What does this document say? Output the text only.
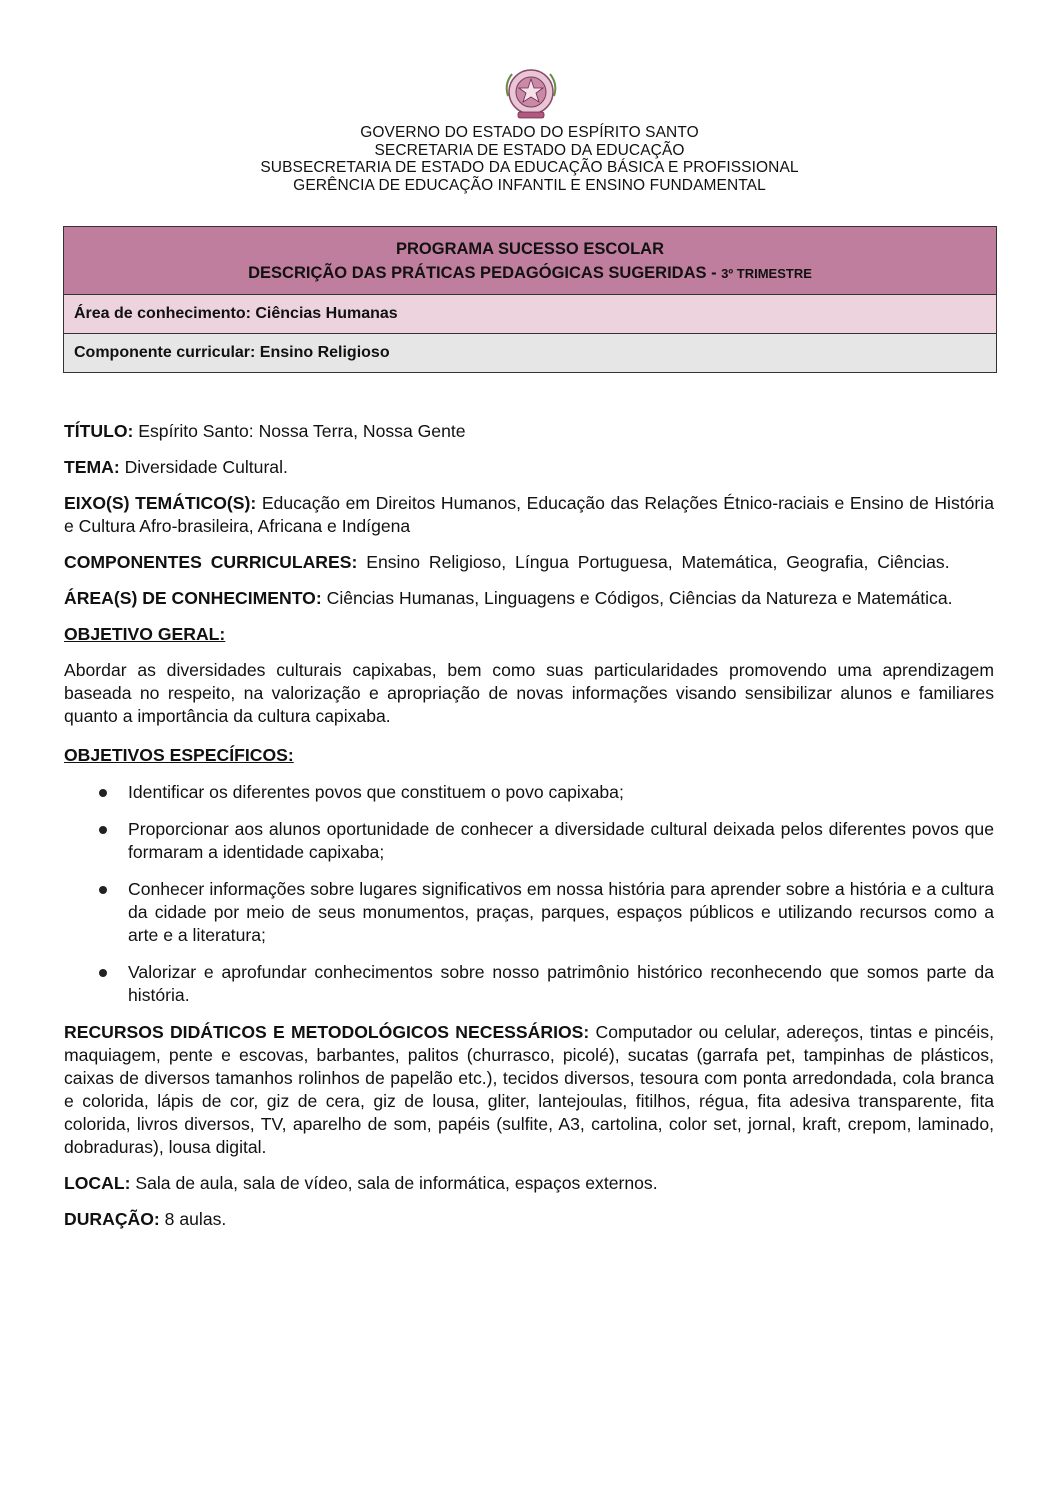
GOVERNO DO ESTADO DO ESPÍRITO SANTO
SECRETARIA DE ESTADO DA EDUCAÇÃO
SUBSECRETARIA DE ESTADO DA EDUCAÇÃO BÁSICA E PROFISSIONAL
GERÊNCIA DE EDUCAÇÃO INFANTIL E ENSINO FUNDAMENTAL
PROGRAMA SUCESSO ESCOLAR
DESCRIÇÃO DAS PRÁTICAS PEDAGÓGICAS SUGERIDAS - 3º TRIMESTRE
Área de conhecimento: Ciências Humanas
Componente curricular: Ensino Religioso

TÍTULO: Espírito Santo: Nossa Terra, Nossa Gente

TEMA: Diversidade Cultural.

EIXO(S) TEMÁTICO(S): Educação em Direitos Humanos, Educação das Relações Étnico-raciais e Ensino de História e Cultura Afro-brasileira, Africana e Indígena

COMPONENTES CURRICULARES: Ensino Religioso, Língua Portuguesa, Matemática, Geografia, Ciências.

ÁREA(S) DE CONHECIMENTO: Ciências Humanas, Linguagens e Códigos, Ciências da Natureza e Matemática.

OBJETIVO GERAL:

Abordar as diversidades culturais capixabas, bem como suas particularidades promovendo uma aprendizagem baseada no respeito, na valorização e apropriação de novas informações visando sensibilizar alunos e familiares quanto a importância da cultura capixaba.

OBJETIVOS ESPECÍFICOS:

Identificar os diferentes povos que constituem o povo capixaba;
Proporcionar aos alunos oportunidade de conhecer a diversidade cultural deixada pelos diferentes povos que formaram a identidade capixaba;
Conhecer informações sobre lugares significativos em nossa história para aprender sobre a história e a cultura da cidade por meio de seus monumentos, praças, parques, espaços públicos e utilizando recursos como a arte e a literatura;
Valorizar e aprofundar conhecimentos sobre nosso patrimônio histórico reconhecendo que somos parte da história.

RECURSOS DIDÁTICOS E METODOLÓGICOS NECESSÁRIOS: Computador ou celular, adereços, tintas e pincéis, maquiagem, pente e escovas, barbantes, palitos (churrasco, picolé), sucatas (garrafa pet, tampinhas de plásticos, caixas de diversos tamanhos rolinhos de papelão etc.), tecidos diversos, tesoura com ponta arredondada, cola branca e colorida, lápis de cor, giz de cera, giz de lousa, gliter, lantejoulas, fitilhos, régua, fita adesiva transparente, fita colorida, livros diversos, TV, aparelho de som, papéis (sulfite, A3, cartolina, color set, jornal, kraft, crepom, laminado, dobraduras), lousa digital.

LOCAL: Sala de aula, sala de vídeo, sala de informática, espaços externos.

DURAÇÃO: 8 aulas.
